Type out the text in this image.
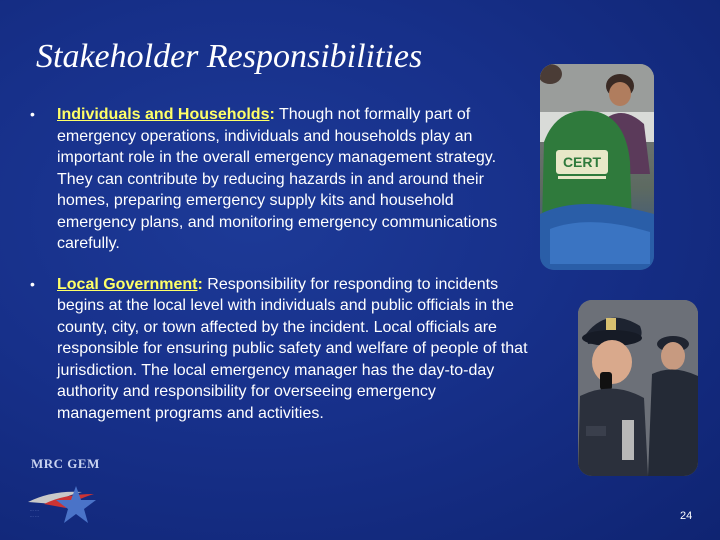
Stakeholder Responsibilities
• Individuals and Households: Though not formally part of emergency operations, individuals and households play an important role in the overall emergency management strategy. They can contribute by reducing hazards in and around their homes, preparing emergency supply kits and household emergency plans, and monitoring emergency communications carefully.
• Local Government: Responsibility for responding to incidents begins at the local level with individuals and public officials in the county, city, or town affected by the incident. Local officials are responsible for ensuring public safety and welfare of people of that jurisdiction. The local emergency manager has the day-to-day authority and responsibility for overseeing emergency management programs and activities.
CERT
MRC GEM
··· ···
··· ···	24
